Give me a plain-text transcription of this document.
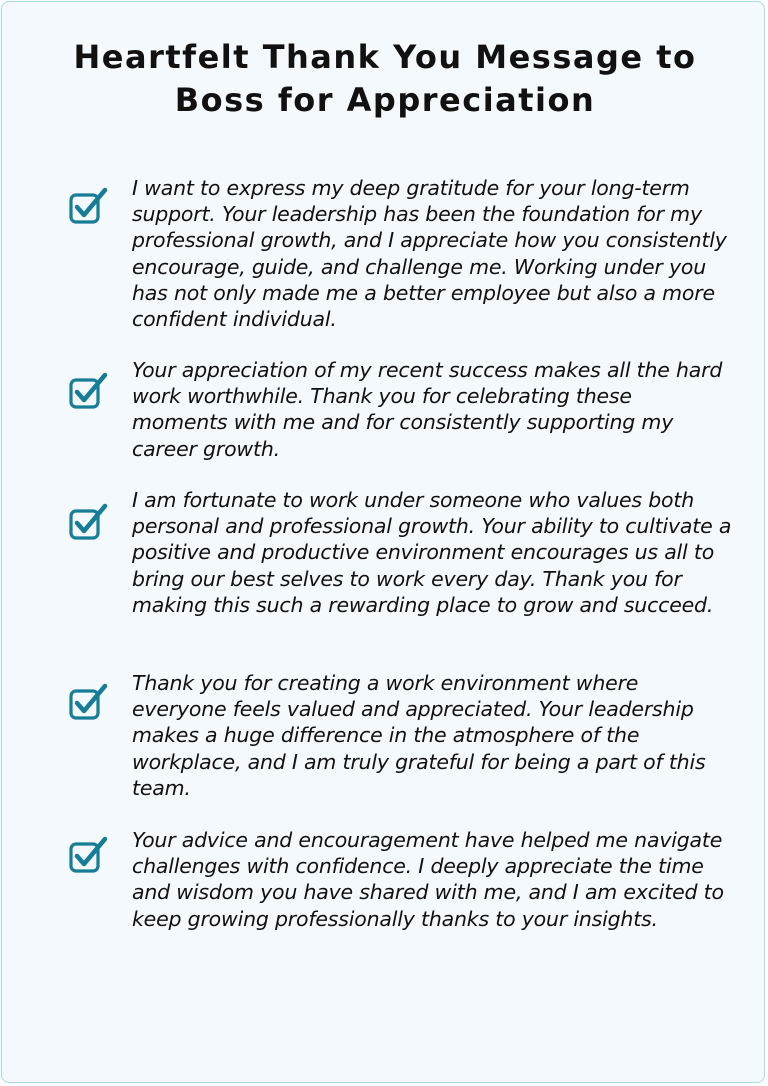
Heartfelt Thank You Message to
Boss for Appreciation

I want to express my deep gratitude for your long-term support. Your leadership has been the foundation for my professional growth, and I appreciate how you consistently encourage, guide, and challenge me. Working under you has not only made me a better employee but also a more confident individual.

Your appreciation of my recent success makes all the hard work worthwhile. Thank you for celebrating these moments with me and for consistently supporting my career growth.

I am fortunate to work under someone who values both personal and professional growth. Your ability to cultivate a positive and productive environment encourages us all to bring our best selves to work every day. Thank you for making this such a rewarding place to grow and succeed.

Thank you for creating a work environment where everyone feels valued and appreciated. Your leadership makes a huge difference in the atmosphere of the workplace, and I am truly grateful for being a part of this team.

Your advice and encouragement have helped me navigate challenges with confidence. I deeply appreciate the time and wisdom you have shared with me, and I am excited to keep growing professionally thanks to your insights.
